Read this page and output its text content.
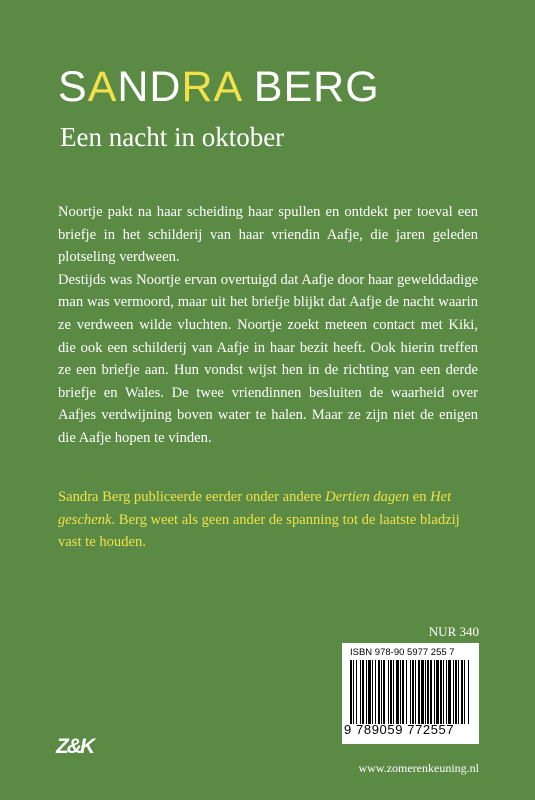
SANDRA BERG
Een nacht in oktober

Noortje pakt na haar scheiding haar spullen en ontdekt per toeval een briefje in het schilderij van haar vriendin Aafje, die jaren geleden plotseling verdween.

Destijds was Noortje ervan overtuigd dat Aafje door haar gewelddadige man was vermoord, maar uit het briefje blijkt dat Aafje de nacht waarin ze verdween wilde vluchten. Noortje zoekt meteen contact met Kiki, die ook een schilderij van Aafje in haar bezit heeft. Ook hierin treffen ze een briefje aan. Hun vondst wijst hen in de richting van een derde briefje en Wales. De twee vriendinnen besluiten de waarheid over Aafjes verdwijning boven water te halen. Maar ze zijn niet de enigen die Aafje hopen te vinden.

Sandra Berg publiceerde eerder onder andere Dertien dagen en Het geschenk. Berg weet als geen ander de spanning tot de laatste bladzij vast te houden.

NUR 340
ISBN 978-90 5977 255 7
9 789059 772557
Z&K
www.zomerenkeuning.nl
